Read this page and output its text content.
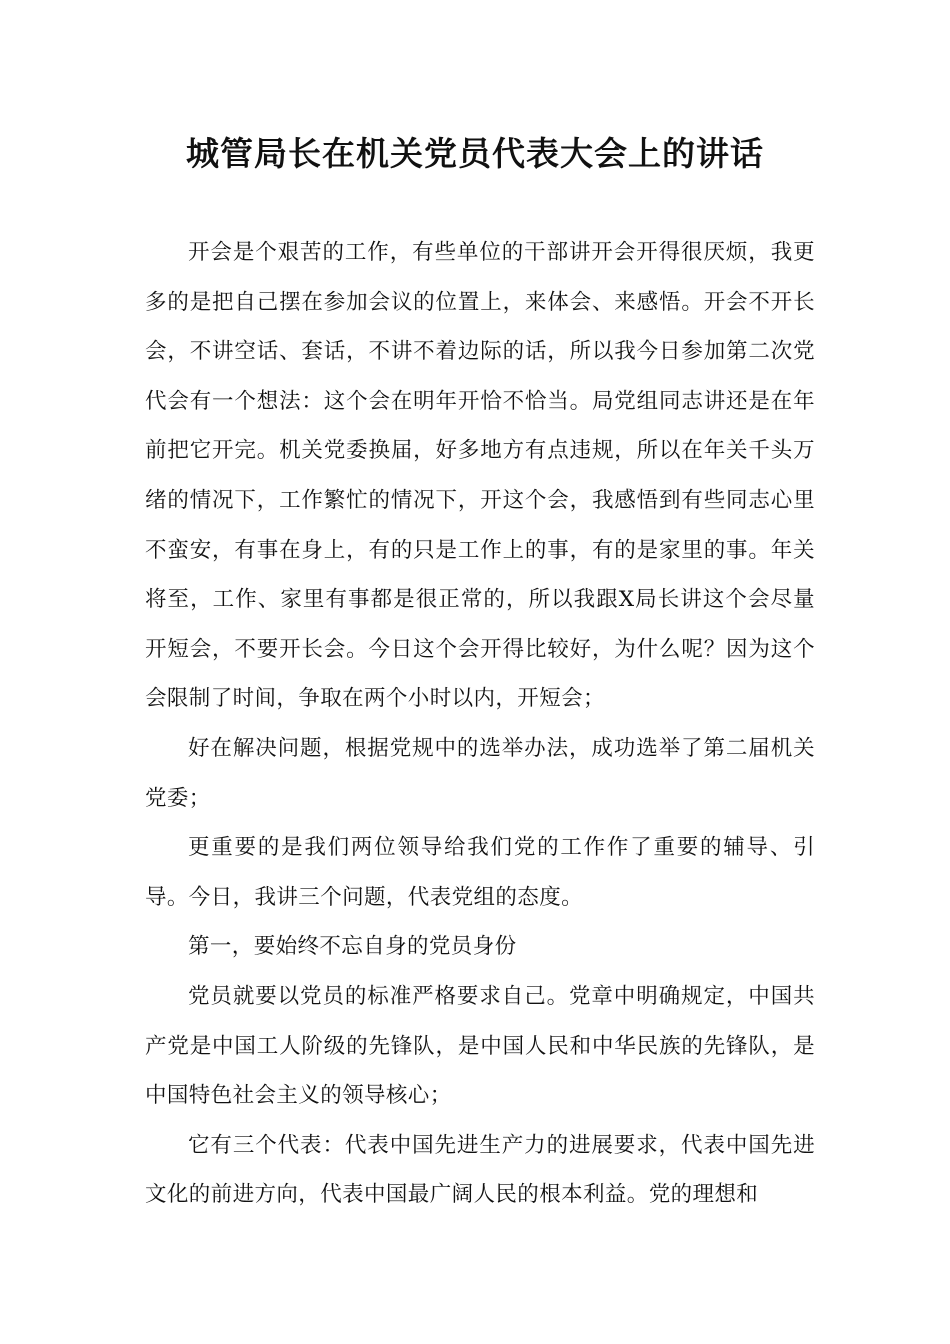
城管局长在机关党员代表大会上的讲话

开会是个艰苦的工作，有些单位的干部讲开会开得很厌烦，我更多的是把自己摆在参加会议的位置上，来体会、来感悟。开会不开长会，不讲空话、套话，不讲不着边际的话，所以我今日参加第二次党代会有一个想法：这个会在明年开恰不恰当。局党组同志讲还是在年前把它开完。机关党委换届，好多地方有点违规，所以在年关千头万绪的情况下，工作繁忙的情况下，开这个会，我感悟到有些同志心里不蛮安，有事在身上，有的只是工作上的事，有的是家里的事。年关将至，工作、家里有事都是很正常的，所以我跟X局长讲这个会尽量开短会，不要开长会。今日这个会开得比较好，为什么呢？因为这个会限制了时间，争取在两个小时以内，开短会；

好在解决问题，根据党规中的选举办法，成功选举了第二届机关党委；

更重要的是我们两位领导给我们党的工作作了重要的辅导、引导。今日，我讲三个问题，代表党组的态度。

第一，要始终不忘自身的党员身份

党员就要以党员的标准严格要求自己。党章中明确规定，中国共产党是中国工人阶级的先锋队，是中国人民和中华民族的先锋队，是中国特色社会主义的领导核心；

它有三个代表：代表中国先进生产力的进展要求，代表中国先进文化的前进方向，代表中国最广阔人民的根本利益。党的理想和
